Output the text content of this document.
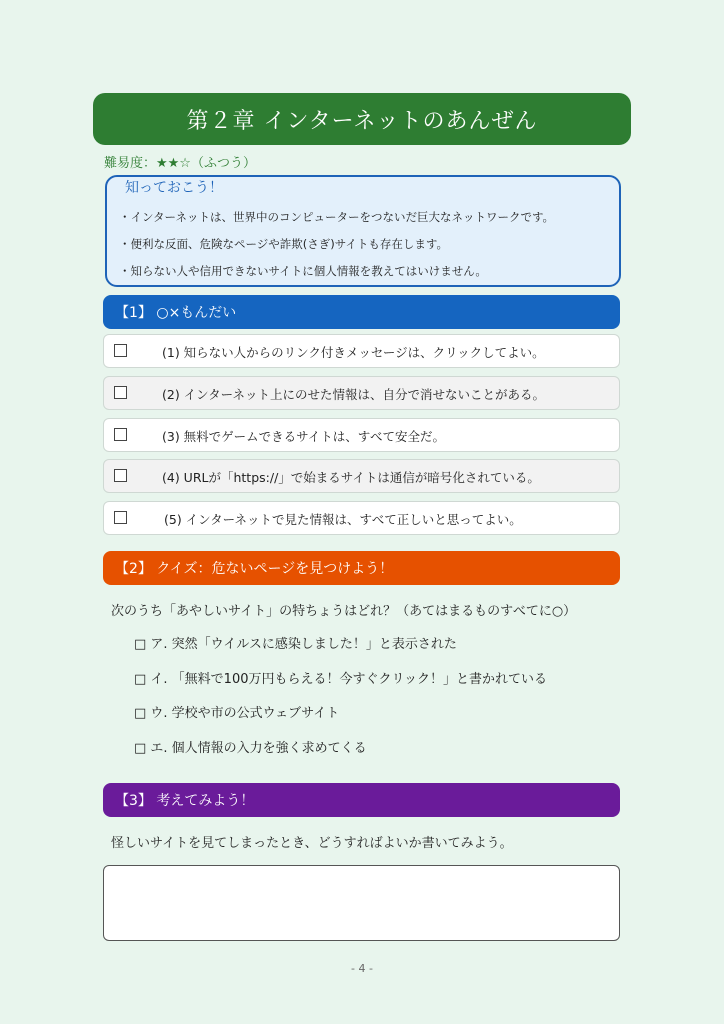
第２章 インターネットのあんぜん
難易度：★★☆（ふつう）
知っておこう！
・インターネットは、世界中のコンピューターをつないだ巨大なネットワークです。
・便利な反面、危険なページや詐欺(さぎ)サイトも存在します。
・知らない人や信用できないサイトに個人情報を教えてはいけません。
【1】 ○×もんだい
(1) 知らない人からのリンク付きメッセージは、クリックしてよい。
(2) インターネット上にのせた情報は、自分で消せないことがある。
(3) 無料でゲームできるサイトは、すべて安全だ。
(4) URLが「https://」で始まるサイトは通信が暗号化されている。
(5) インターネットで見た情報は、すべて正しいと思ってよい。
【2】 クイズ：危ないページを見つけよう！
次のうち「あやしいサイト」の特ちょうはどれ？（あてはまるものすべてに○）
□ ア. 突然「ウイルスに感染しました！」と表示された
□ イ. 「無料で100万円もらえる！今すぐクリック！」と書かれている
□ ウ. 学校や市の公式ウェブサイト
□ エ. 個人情報の入力を強く求めてくる
【3】 考えてみよう！
怪しいサイトを見てしまったとき、どうすればよいか書いてみよう。
- 4 -
